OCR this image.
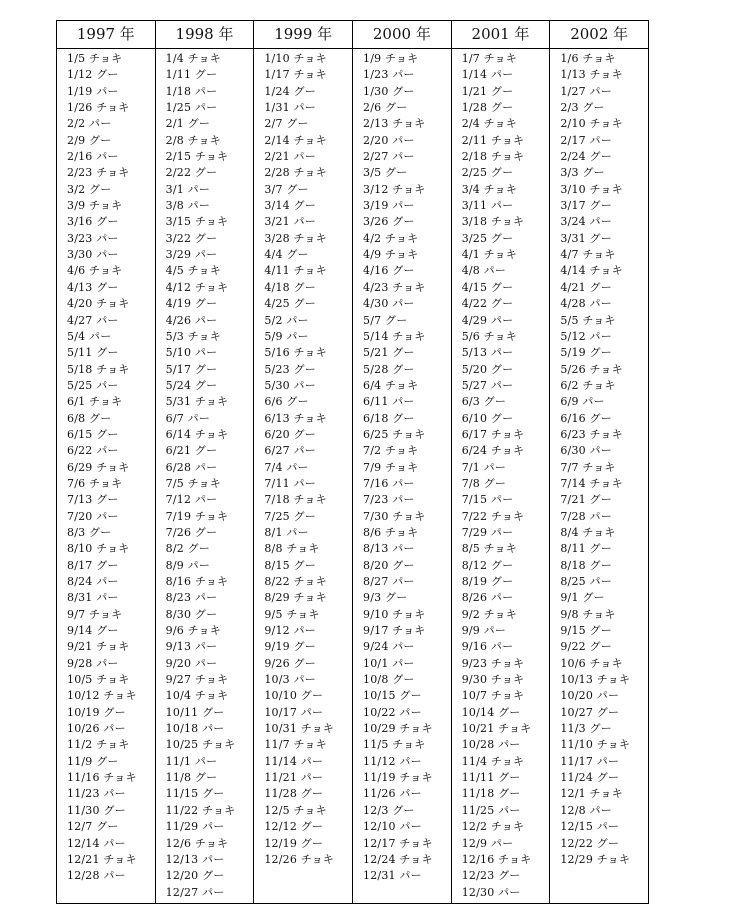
1997 年
1/5 チョキ
1/12 グー
1/19 パー
1/26 チョキ
2/2 パー
2/9 グー
2/16 パー
2/23 チョキ
3/2 グー
3/9 チョキ
3/16 グー
3/23 パー
3/30 パー
4/6 チョキ
4/13 グー
4/20 チョキ
4/27 パー
5/4 パー
5/11 グー
5/18 チョキ
5/25 パー
6/1 チョキ
6/8 グー
6/15 グー
6/22 パー
6/29 チョキ
7/6 チョキ
7/13 グー
7/20 パー
8/3 グー
8/10 チョキ
8/17 グー
8/24 パー
8/31 パー
9/7 チョキ
9/14 グー
9/21 チョキ
9/28 パー
10/5 チョキ
10/12 チョキ
10/19 グー
10/26 パー
11/2 チョキ
11/9 グー
11/16 チョキ
11/23 パー
11/30 グー
12/7 グー
12/14 パー
12/21 チョキ
12/28 パー
1998 年
1/4 チョキ
1/11 グー
1/18 パー
1/25 パー
2/1 グー
2/8 チョキ
2/15 チョキ
2/22 グー
3/1 パー
3/8 パー
3/15 チョキ
3/22 グー
3/29 パー
4/5 チョキ
4/12 チョキ
4/19 グー
4/26 パー
5/3 チョキ
5/10 パー
5/17 グー
5/24 グー
5/31 チョキ
6/7 パー
6/14 チョキ
6/21 グー
6/28 パー
7/5 チョキ
7/12 パー
7/19 チョキ
7/26 グー
8/2 グー
8/9 パー
8/16 チョキ
8/23 パー
8/30 グー
9/6 チョキ
9/13 パー
9/20 パー
9/27 チョキ
10/4 チョキ
10/11 グー
10/18 パー
10/25 チョキ
11/1 パー
11/8 グー
11/15 グー
11/22 チョキ
11/29 パー
12/6 チョキ
12/13 パー
12/20 グー
12/27 パー
1999 年
1/10 チョキ
1/17 チョキ
1/24 グー
1/31 パー
2/7 グー
2/14 チョキ
2/21 パー
2/28 チョキ
3/7 グー
3/14 グー
3/21 パー
3/28 チョキ
4/4 グー
4/11 チョキ
4/18 グー
4/25 グー
5/2 パー
5/9 パー
5/16 チョキ
5/23 グー
5/30 パー
6/6 グー
6/13 チョキ
6/20 グー
6/27 パー
7/4 パー
7/11 パー
7/18 チョキ
7/25 グー
8/1 パー
8/8 チョキ
8/15 グー
8/22 チョキ
8/29 チョキ
9/5 チョキ
9/12 パー
9/19 グー
9/26 グー
10/3 パー
10/10 グー
10/17 パー
10/31 チョキ
11/7 チョキ
11/14 パー
11/21 パー
11/28 グー
12/5 チョキ
12/12 グー
12/19 グー
12/26 チョキ
2000 年
1/9 チョキ
1/23 パー
1/30 グー
2/6 グー
2/13 チョキ
2/20 パー
2/27 パー
3/5 グー
3/12 チョキ
3/19 パー
3/26 グー
4/2 チョキ
4/9 チョキ
4/16 グー
4/23 チョキ
4/30 パー
5/7 グー
5/14 チョキ
5/21 グー
5/28 グー
6/4 チョキ
6/11 パー
6/18 グー
6/25 チョキ
7/2 チョキ
7/9 チョキ
7/16 パー
7/23 パー
7/30 チョキ
8/6 チョキ
8/13 パー
8/20 グー
8/27 パー
9/3 グー
9/10 チョキ
9/17 チョキ
9/24 パー
10/1 パー
10/8 グー
10/15 グー
10/22 パー
10/29 チョキ
11/5 チョキ
11/12 パー
11/19 チョキ
11/26 パー
12/3 グー
12/10 パー
12/17 チョキ
12/24 チョキ
12/31 パー
2001 年
1/7 チョキ
1/14 パー
1/21 グー
1/28 グー
2/4 チョキ
2/11 チョキ
2/18 チョキ
2/25 グー
3/4 チョキ
3/11 パー
3/18 チョキ
3/25 グー
4/1 チョキ
4/8 パー
4/15 グー
4/22 グー
4/29 パー
5/6 チョキ
5/13 パー
5/20 グー
5/27 パー
6/3 グー
6/10 グー
6/17 チョキ
6/24 チョキ
7/1 パー
7/8 グー
7/15 パー
7/22 チョキ
7/29 パー
8/5 チョキ
8/12 グー
8/19 グー
8/26 パー
9/2 チョキ
9/9 パー
9/16 パー
9/23 チョキ
9/30 チョキ
10/7 チョキ
10/14 グー
10/21 チョキ
10/28 パー
11/4 チョキ
11/11 グー
11/18 グー
11/25 パー
12/2 チョキ
12/9 パー
12/16 チョキ
12/23 グー
12/30 パー
2002 年
1/6 チョキ
1/13 チョキ
1/27 パー
2/3 グー
2/10 チョキ
2/17 パー
2/24 グー
3/3 グー
3/10 チョキ
3/17 グー
3/24 パー
3/31 グー
4/7 チョキ
4/14 チョキ
4/21 グー
4/28 パー
5/5 チョキ
5/12 パー
5/19 グー
5/26 チョキ
6/2 チョキ
6/9 パー
6/16 グー
6/23 チョキ
6/30 パー
7/7 チョキ
7/14 チョキ
7/21 グー
7/28 パー
8/4 チョキ
8/11 グー
8/18 グー
8/25 パー
9/1 グー
9/8 チョキ
9/15 グー
9/22 グー
10/6 チョキ
10/13 チョキ
10/20 パー
10/27 グー
11/3 グー
11/10 チョキ
11/17 パー
11/24 グー
12/1 チョキ
12/8 パー
12/15 パー
12/22 グー
12/29 チョキ
